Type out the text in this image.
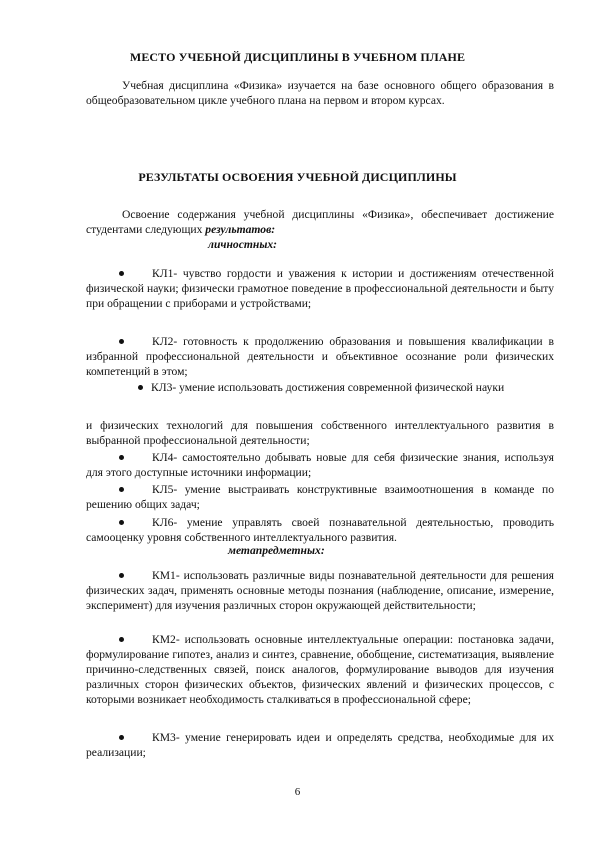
МЕСТО УЧЕБНОЙ ДИСЦИПЛИНЫ В УЧЕБНОМ ПЛАНЕ
Учебная дисциплина «Физика» изучается на базе основного общего образования в общеобразовательном цикле учебного плана на первом и втором курсах.
РЕЗУЛЬТАТЫ ОСВОЕНИЯ УЧЕБНОЙ ДИСЦИПЛИНЫ
Освоение содержания учебной дисциплины «Физика», обеспечивает достижение студентами следующих результатов:
личностных:
КЛ1- чувство гордости и уважения к истории и достижениям отечественной физической науки; физически грамотное поведение в профессиональной деятельности и быту при обращении с приборами и устройствами;
КЛ2- готовность к продолжению образования и повышения квалификации в избранной профессиональной деятельности и объективное осознание роли физических компетенций в этом;
КЛ3- умение использовать достижения современной физической науки
и физических технологий для повышения собственного интеллектуального развития в выбранной профессиональной деятельности;
КЛ4- самостоятельно добывать новые для себя физические знания, используя для этого доступные источники информации;
КЛ5- умение выстраивать конструктивные взаимоотношения в команде по решению общих задач;
КЛ6- умение управлять своей познавательной деятельностью, проводить самооценку уровня собственного интеллектуального развития.
метапредметных:
КМ1- использовать различные виды познавательной деятельности для решения физических задач, применять основные методы познания (наблюдение, описание, измерение, эксперимент) для изучения различных сторон окружающей действительности;
КМ2- использовать основные интеллектуальные операции: постановка задачи, формулирование гипотез, анализ и синтез, сравнение, обобщение, систематизация, выявление причинно-следственных связей, поиск аналогов, формулирование выводов для изучения различных сторон физических объектов, физических явлений и физических процессов, с которыми возникает необходимость сталкиваться в профессиональной сфере;
КМ3- умение генерировать идеи и определять средства, необходимые для их реализации;
6
